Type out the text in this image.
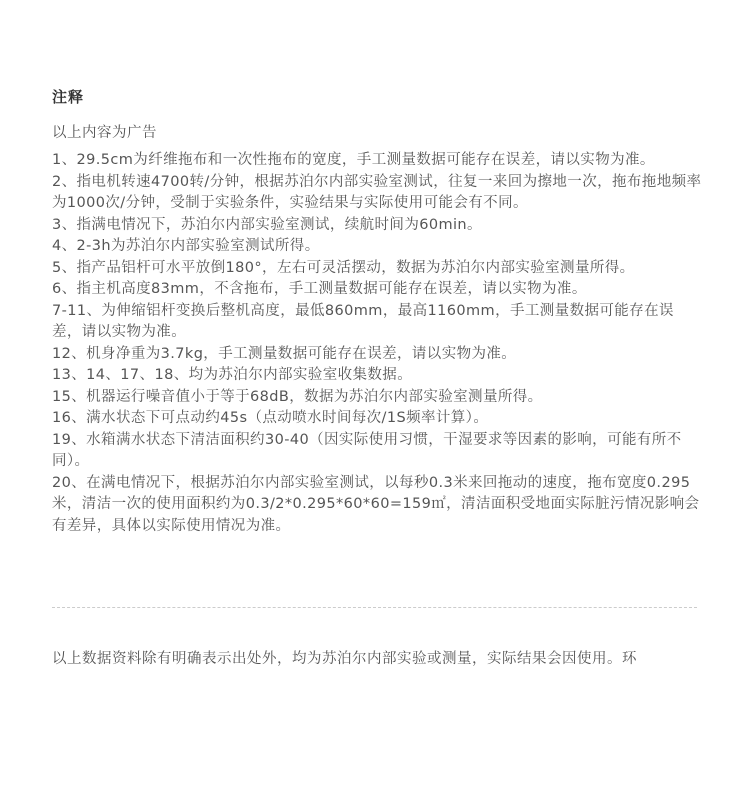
注释
以上内容为广告
1、29.5cm为纤维拖布和一次性拖布的宽度，手工测量数据可能存在误差，请以实物为准。
2、指电机转速4700转/分钟，根据苏泊尔内部实验室测试，往复一来回为擦地一次，拖布拖地频率为1000次/分钟，受制于实验条件，实验结果与实际使用可能会有不同。
3、指满电情况下，苏泊尔内部实验室测试，续航时间为60min。
4、2-3h为苏泊尔内部实验室测试所得。
5、指产品铝杆可水平放倒180°，左右可灵活摆动，数据为苏泊尔内部实验室测量所得。
6、指主机高度83mm，不含拖布，手工测量数据可能存在误差，请以实物为准。
7-11、为伸缩铝杆变换后整机高度，最低860mm，最高1160mm，手工测量数据可能存在误差，请以实物为准。
12、机身净重为3.7kg，手工测量数据可能存在误差，请以实物为准。
13、14、17、18、均为苏泊尔内部实验室收集数据。
15、机器运行噪音值小于等于68dB，数据为苏泊尔内部实验室测量所得。
16、满水状态下可点动约45s（点动喷水时间每次/1S频率计算）。
19、水箱满水状态下清洁面积约30-40（因实际使用习惯，干湿要求等因素的影响，可能有所不同）。
20、在满电情况下，根据苏泊尔内部实验室测试，以每秒0.3米来回拖动的速度，拖布宽度0.295米，清洁一次的使用面积约为0.3/2*0.295*60*60=159㎡，清洁面积受地面实际脏污情况影响会有差异，具体以实际使用情况为准。
以上数据资料除有明确表示出处外，均为苏泊尔内部实验或测量，实际结果会因使用。环
